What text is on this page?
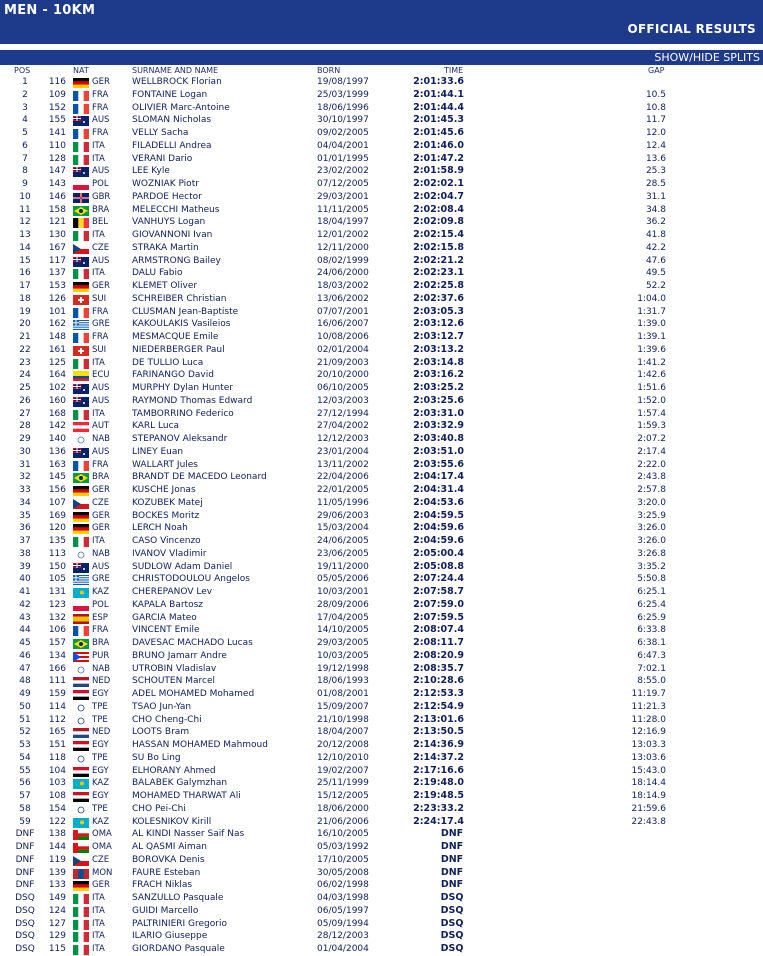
MEN - 10KM
OFFICIAL RESULTS
SHOW/HIDE SPLITS
POS	NAT	SURNAME AND NAME	BORN	TIME	GAP
1	116	GER WELLBROCK Florian	19/08/1997	2:01:33.6
2	109	FRA	FONTAINE Logan	25/03/1999	2:01:44.1	10.5
3	152	FRA	OLIVIER Marc-Antoine	18/06/1996	2:01:44.4	10.8
4	155	AUS	SLOMAN Nicholas	30/10/1997	2:01:45.3	11.7
5	141	FRA	VELLY Sacha	09/02/2005	2:01:45.6	12.0
6	110	ITA	FILADELLI Andrea	04/04/2001	2:01:46.0	12.4
7	128	ITA	VERANI Dario	01/01/1995	2:01:47.2	13.6
8	147	AUS	LEE Kyle	23/02/2002	2:01:58.9	25.3
9	143	POL	WOZNIAK Piotr	07/12/2005	2:02:02.1	28.5
10	146	GBR PARDOE Hector	29/03/2001	2:02:04.7	31.1
11	158	BRA	MELECCHI Matheus	11/11/2005	2:02:08.4	34.8
12	121	BEL	VANHUYS Logan	18/04/1997	2:02:09.8	36.2
13	130	ITA	GIOVANNONI Ivan	12/01/2002	2:02:15.4	41.8
14	167	CZE	STRAKA Martin	12/11/2000	2:02:15.8	42.2
15	117	AUS	ARMSTRONG Bailey	08/02/1999	2:02:21.2	47.6
16	137	ITA	DALU Fabio	24/06/2000	2:02:23.1	49.5
17	153	GER KLEMET Oliver	18/03/2002	2:02:25.8	52.2
18	126	SUI	SCHREIBER Christian	13/06/2002	2:02:37.6	1:04.0
19	101	FRA	CLUSMAN Jean-Baptiste	07/07/2001	2:03:05.3	1:31.7
20	162	GRE KAKOULAKIS Vasileios	16/06/2007	2:03:12.6	1:39.0
21	148	FRA	MESMACQUE Emile	10/08/2006	2:03:12.7	1:39.1
22	161	SUI	NIEDERBERGER Paul	02/01/2004	2:03:13.2	1:39.6
23	125	ITA	DE TULLIO Luca	21/09/2003	2:03:14.8	1:41.2
24	164	ECU FARINANGO David	20/10/2000	2:03:16.2	1:42.6
25	102	AUS	MURPHY Dylan Hunter	06/10/2005	2:03:25.2	1:51.6
26	160	AUS	RAYMOND Thomas Edward	12/03/2003	2:03:25.6	1:52.0
27	168	ITA	TAMBORRINO Federico	27/12/1994	2:03:31.0	1:57.4
28	142	AUT	KARL Luca	27/04/2002	2:03:32.9	1:59.3
29	140	NAB STEPANOV Aleksandr	12/12/2003	2:03:40.8	2:07.2
30	136	AUS	LINEY Euan	23/01/2004	2:03:51.0	2:17.4
31	163	FRA	WALLART Jules	13/11/2002	2:03:55.6	2:22.0
32	145	BRA	BRANDT DE MACEDO Leonard	22/04/2006	2:04:17.4	2:43.8
33	156	GER KUSCHE Jonas	22/01/2005	2:04:31.4	2:57.8
34	107	CZE	KOZUBEK Matej	11/05/1996	2:04:53.6	3:20.0
35	169	GER BOCKES Moritz	29/06/2003	2:04:59.5	3:25.9
36	120	GER LERCH Noah	15/03/2004	2:04:59.6	3:26.0
37	135	ITA	CASO Vincenzo	24/06/2005	2:04:59.6	3:26.0
38	113	NAB IVANOV Vladimir	23/06/2005	2:05:00.4	3:26.8
39	150	AUS	SUDLOW Adam Daniel	19/11/2000	2:05:08.8	3:35.2
40	105	GRE CHRISTODOULOU Angelos	05/05/2006	2:07:24.4	5:50.8
41	131	KAZ	CHEREPANOV Lev	10/03/2001	2:07:58.7	6:25.1
42	123	POL	KAPALA Bartosz	28/09/2006	2:07:59.0	6:25.4
43	132	ESP	GARCIA Mateo	17/04/2005	2:07:59.5	6:25.9
44	106	FRA	VINCENT Emile	14/10/2005	2:08:07.4	6:33.8
45	157	BRA	DAVESAC MACHADO Lucas	29/03/2005	2:08:11.7	6:38.1
46	134	PUR	BRUNO Jamarr Andre	10/03/2005	2:08:20.9	6:47.3
47	166	NAB UTROBIN Vladislav	19/12/1998	2:08:35.7	7:02.1
48	111	NED SCHOUTEN Marcel	18/06/1993	2:10:28.6	8:55.0
49	159	EGY	ADEL MOHAMED Mohamed	01/08/2001	2:12:53.3	11:19.7
50	114	TPE	TSAO Jun-Yan	15/09/2007	2:12:54.9	11:21.3
51	112	TPE	CHO Cheng-Chi	21/10/1998	2:13:01.6	11:28.0
52	165	NED LOOTS Bram	18/04/2007	2:13:50.5	12:16.9
53	151	EGY	HASSAN MOHAMED Mahmoud	20/12/2008	2:14:36.9	13:03.3
54	118	TPE	SU Bo Ling	12/10/2010	2:14:37.2	13:03.6
55	104	EGY	ELHORANY Ahmed	19/02/2007	2:17:16.6	15:43.0
56	103	KAZ	BALABEK Galymzhan	25/11/1999	2:19:48.0	18:14.4
57	108	EGY	MOHAMED THARWAT Ali	15/12/2005	2:19:48.5	18:14.9
58	154	TPE	CHO Pei-Chi	18/06/2000	2:23:33.2	21:59.6
59	122	KAZ	KOLESNIKOV Kirill	21/06/2006	2:24:17.4	22:43.8
DNF	138	OMA AL KINDI Nasser Saif Nas	16/10/2005	DNF
DNF	144	OMA AL QASMI Aiman	05/03/1992	DNF
DNF	119	CZE	BOROVKA Denis	17/10/2005	DNF
DNF	139	MON FAURE Esteban	30/05/2008	DNF
DNF	133	GER FRACH Niklas	06/02/1998	DNF
DSQ	149	ITA	SANZULLO Pasquale	04/03/1998	DSQ
DSQ	124	ITA	GUIDI Marcello	06/05/1997	DSQ
DSQ	127	ITA	PALTRINIERI Gregorio	05/09/1994	DSQ
DSQ	129	ITA	ILARIO Giuseppe	28/12/2003	DSQ
DSQ	115	ITA	GIORDANO Pasquale	01/04/2004	DSQ
